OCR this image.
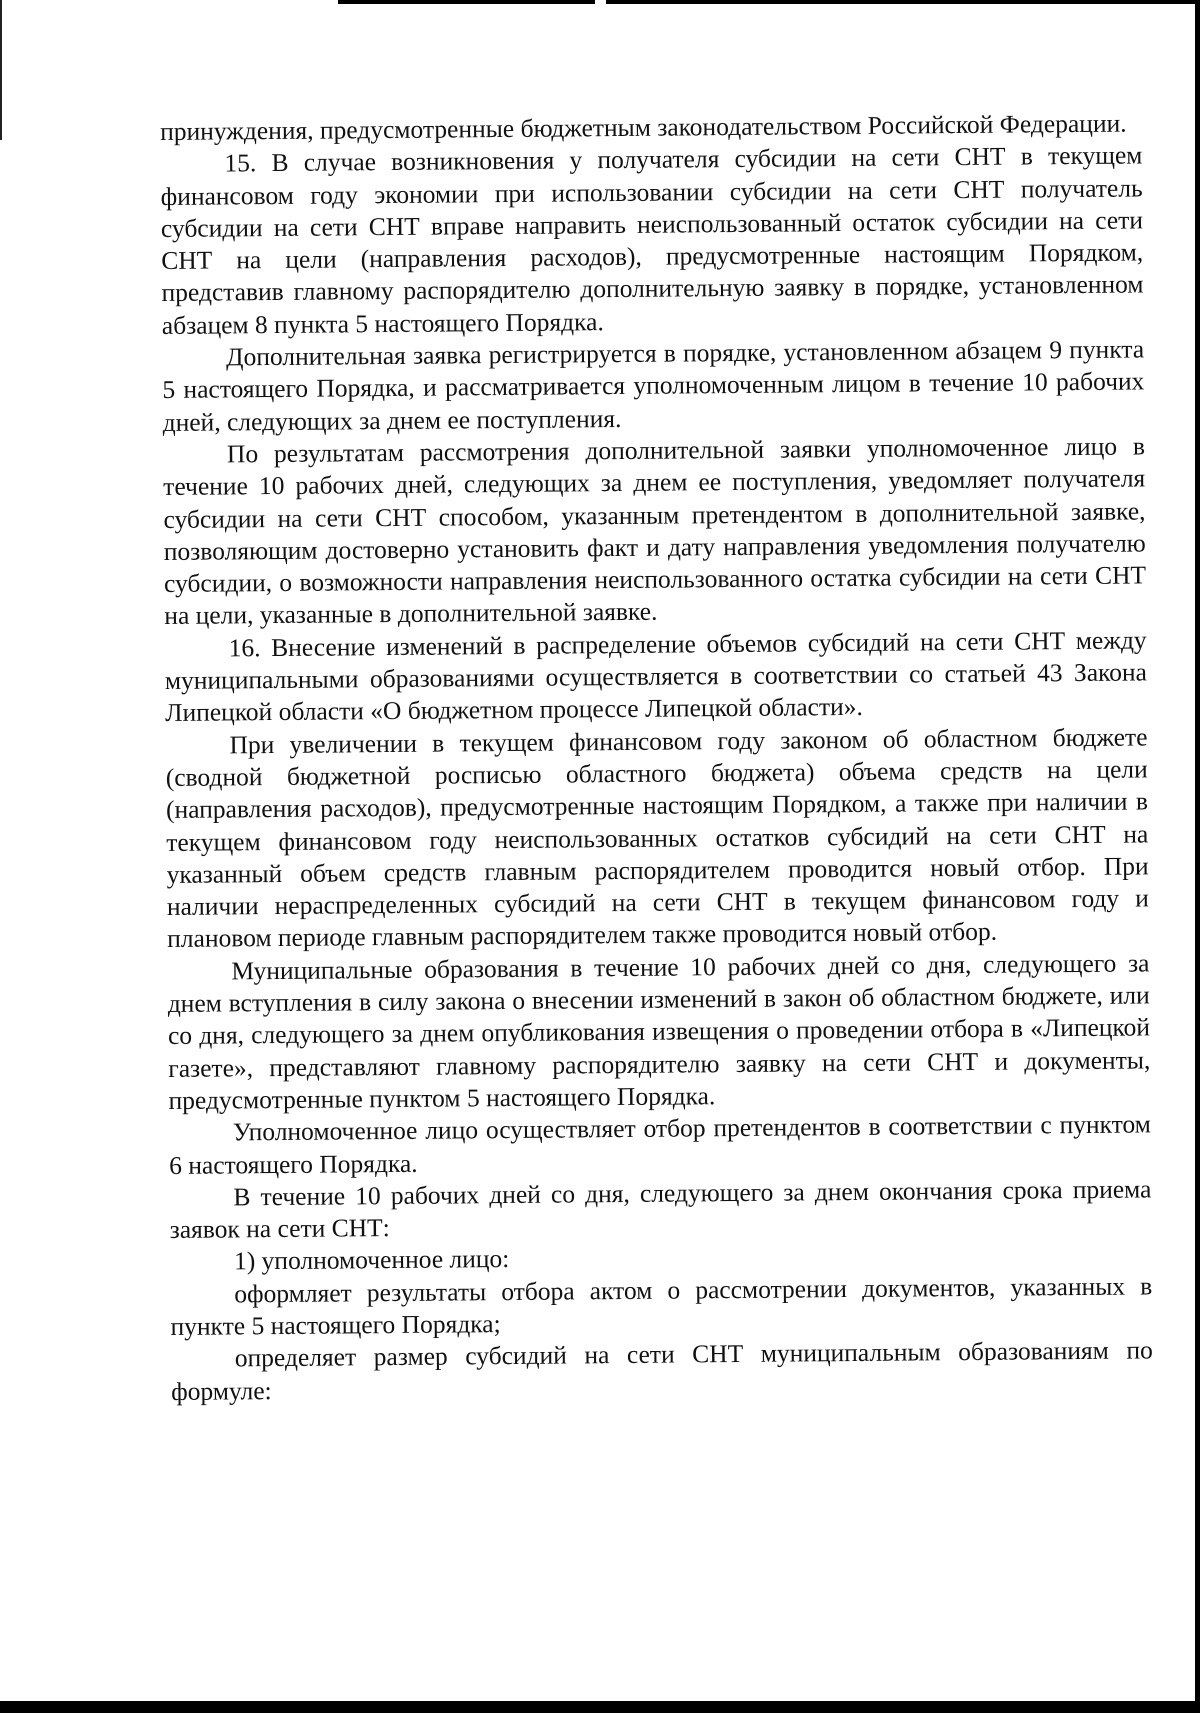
принуждения, предусмотренные бюджетным законодательством Российской Федерации.

15. В случае возникновения у получателя субсидии на сети СНТ в текущем финансовом году экономии при использовании субсидии на сети СНТ получатель субсидии на сети СНТ вправе направить неиспользованный остаток субсидии на сети СНТ на цели (направления расходов), предусмотренные настоящим Порядком, представив главному распорядителю дополнительную заявку в порядке, установленном абзацем 8 пункта 5 настоящего Порядка.

Дополнительная заявка регистрируется в порядке, установленном абзацем 9 пункта 5 настоящего Порядка, и рассматривается уполномоченным лицом в течение 10 рабочих дней, следующих за днем ее поступления.

По результатам рассмотрения дополнительной заявки уполномоченное лицо в течение 10 рабочих дней, следующих за днем ее поступления, уведомляет получателя субсидии на сети СНТ способом, указанным претендентом в дополнительной заявке, позволяющим достоверно установить факт и дату направления уведомления получателю субсидии, о возможности направления неиспользованного остатка субсидии на сети СНТ на цели, указанные в дополнительной заявке.

16. Внесение изменений в распределение объемов субсидий на сети СНТ между муниципальными образованиями осуществляется в соответствии со статьей 43 Закона Липецкой области «О бюджетном процессе Липецкой области».

При увеличении в текущем финансовом году законом об областном бюджете (сводной бюджетной росписью областного бюджета) объема средств на цели (направления расходов), предусмотренные настоящим Порядком, а также при наличии в текущем финансовом году неиспользованных остатков субсидий на сети СНТ на указанный объем средств главным распорядителем проводится новый отбор. При наличии нераспределенных субсидий на сети СНТ в текущем финансовом году и плановом периоде главным распорядителем также проводится новый отбор.

Муниципальные образования в течение 10 рабочих дней со дня, следующего за днем вступления в силу закона о внесении изменений в закон об областном бюджете, или со дня, следующего за днем опубликования извещения о проведении отбора в «Липецкой газете», представляют главному распорядителю заявку на сети СНТ и документы, предусмотренные пунктом 5 настоящего Порядка.

Уполномоченное лицо осуществляет отбор претендентов в соответствии с пунктом 6 настоящего Порядка.

В течение 10 рабочих дней со дня, следующего за днем окончания срока приема заявок на сети СНТ:

1) уполномоченное лицо:

оформляет результаты отбора актом о рассмотрении документов, указанных в пункте 5 настоящего Порядка;

определяет размер субсидий на сети СНТ муниципальным образованиям по формуле:
